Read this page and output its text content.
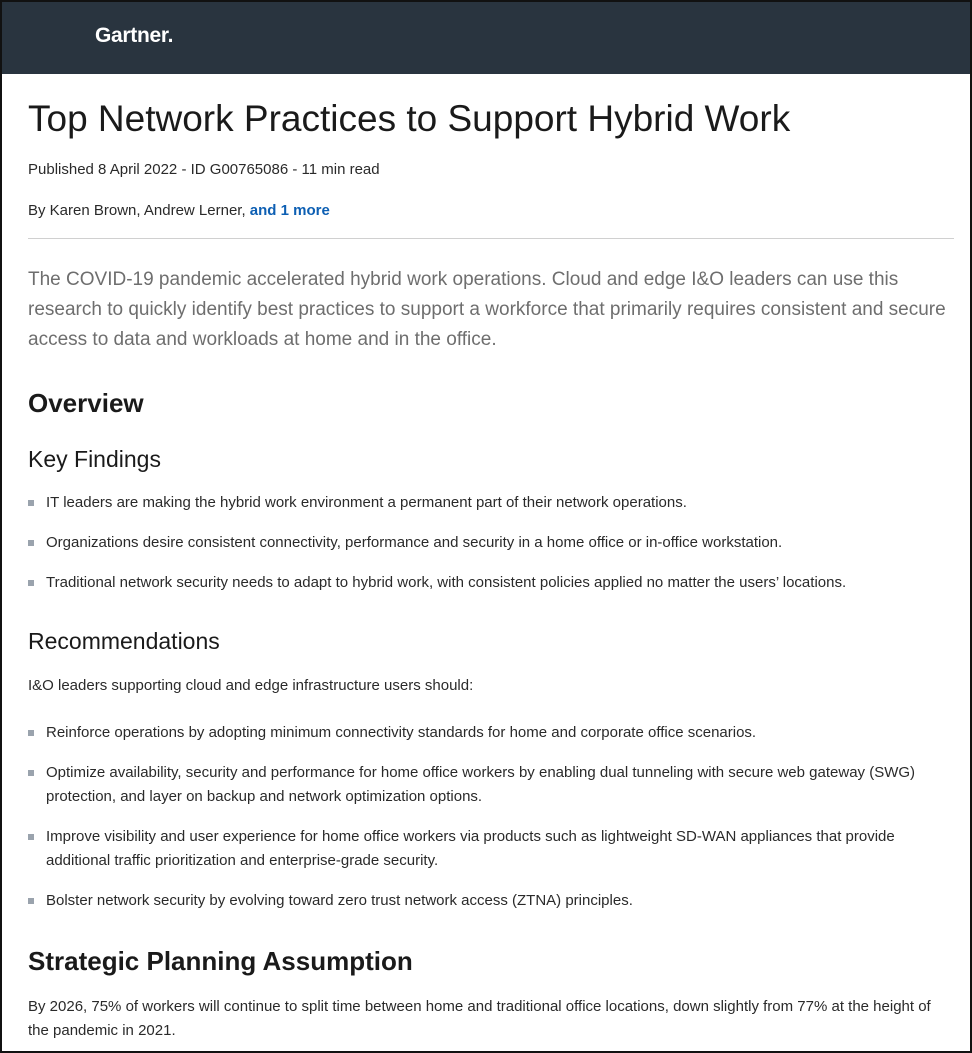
Gartner.
Top Network Practices to Support Hybrid Work
Published 8 April 2022 - ID G00765086 - 11 min read
By Karen Brown, Andrew Lerner, and 1 more

The COVID-19 pandemic accelerated hybrid work operations. Cloud and edge I&O leaders can use this research to quickly identify best practices to support a workforce that primarily requires consistent and secure access to data and workloads at home and in the office.

Overview
Key Findings
IT leaders are making the hybrid work environment a permanent part of their network operations.
Organizations desire consistent connectivity, performance and security in a home office or in-office workstation.
Traditional network security needs to adapt to hybrid work, with consistent policies applied no matter the users’ locations.
Recommendations
I&O leaders supporting cloud and edge infrastructure users should:
Reinforce operations by adopting minimum connectivity standards for home and corporate office scenarios.
Optimize availability, security and performance for home office workers by enabling dual tunneling with secure web gateway (SWG) protection, and layer on backup and network optimization options.
Improve visibility and user experience for home office workers via products such as lightweight SD-WAN appliances that provide additional traffic prioritization and enterprise-grade security.
Bolster network security by evolving toward zero trust network access (ZTNA) principles.
Strategic Planning Assumption
By 2026, 75% of workers will continue to split time between home and traditional office locations, down slightly from 77% at the height of the pandemic in 2021.
